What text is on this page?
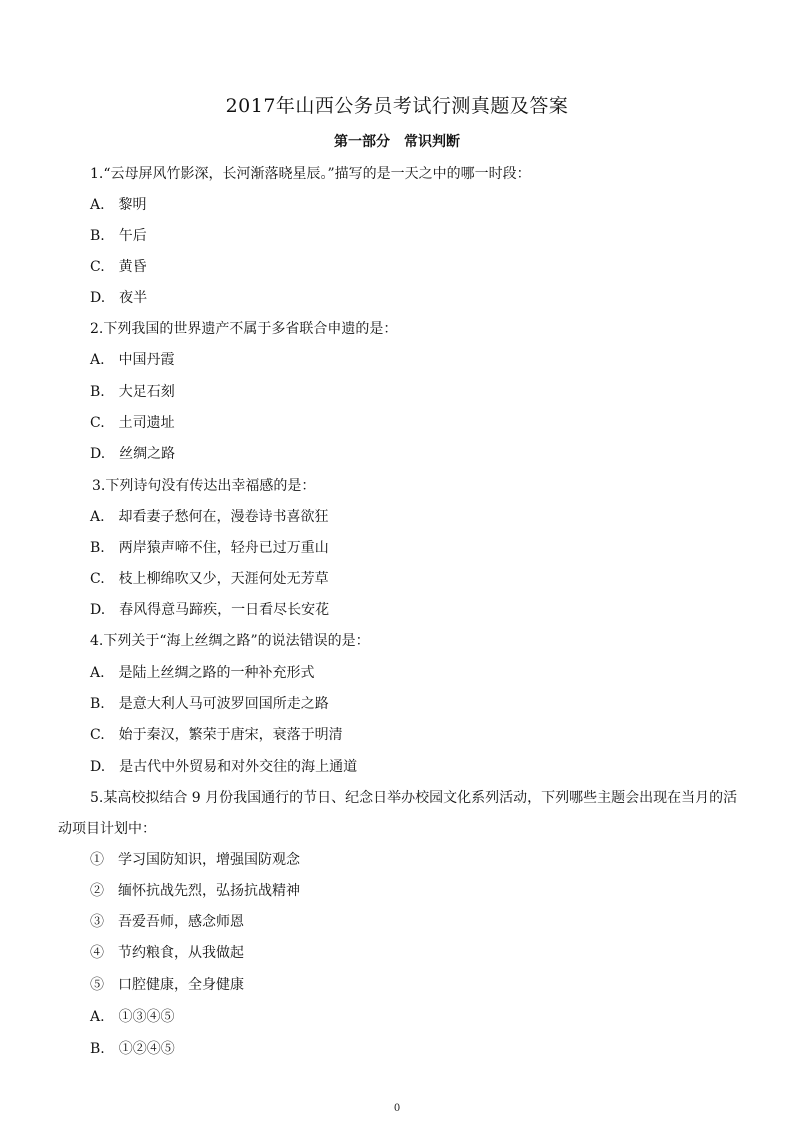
2017年山西公务员考试行测真题及答案
第一部分　常识判断
1.“云母屏风竹影深，长河渐落晓星辰。”描写的是一天之中的哪一时段：
A.　黎明
B.　午后
C.　黄昏
D.　夜半
2.下列我国的世界遗产不属于多省联合申遗的是：
A.　中国丹霞
B.　大足石刻
C.　土司遗址
D.　丝绸之路
3.下列诗句没有传达出幸福感的是：
A.　却看妻子愁何在，漫卷诗书喜欲狂
B.　两岸猿声啼不住，轻舟已过万重山
C.　枝上柳绵吹又少，天涯何处无芳草
D.　春风得意马蹄疾，一日看尽长安花
4.下列关于“海上丝绸之路”的说法错误的是：
A.　是陆上丝绸之路的一种补充形式
B.　是意大利人马可波罗回国所走之路
C.　始于秦汉，繁荣于唐宋，衰落于明清
D.　是古代中外贸易和对外交往的海上通道
5.某高校拟结合 9 月份我国通行的节日、纪念日举办校园文化系列活动，下列哪些主题会出现在当月的活
动项目计划中：
①　学习国防知识，增强国防观念
②　缅怀抗战先烈，弘扬抗战精神
③　吾爱吾师，感念师恩
④　节约粮食，从我做起
⑤　口腔健康，全身健康
A.　①③④⑤
B.　①②④⑤
0
